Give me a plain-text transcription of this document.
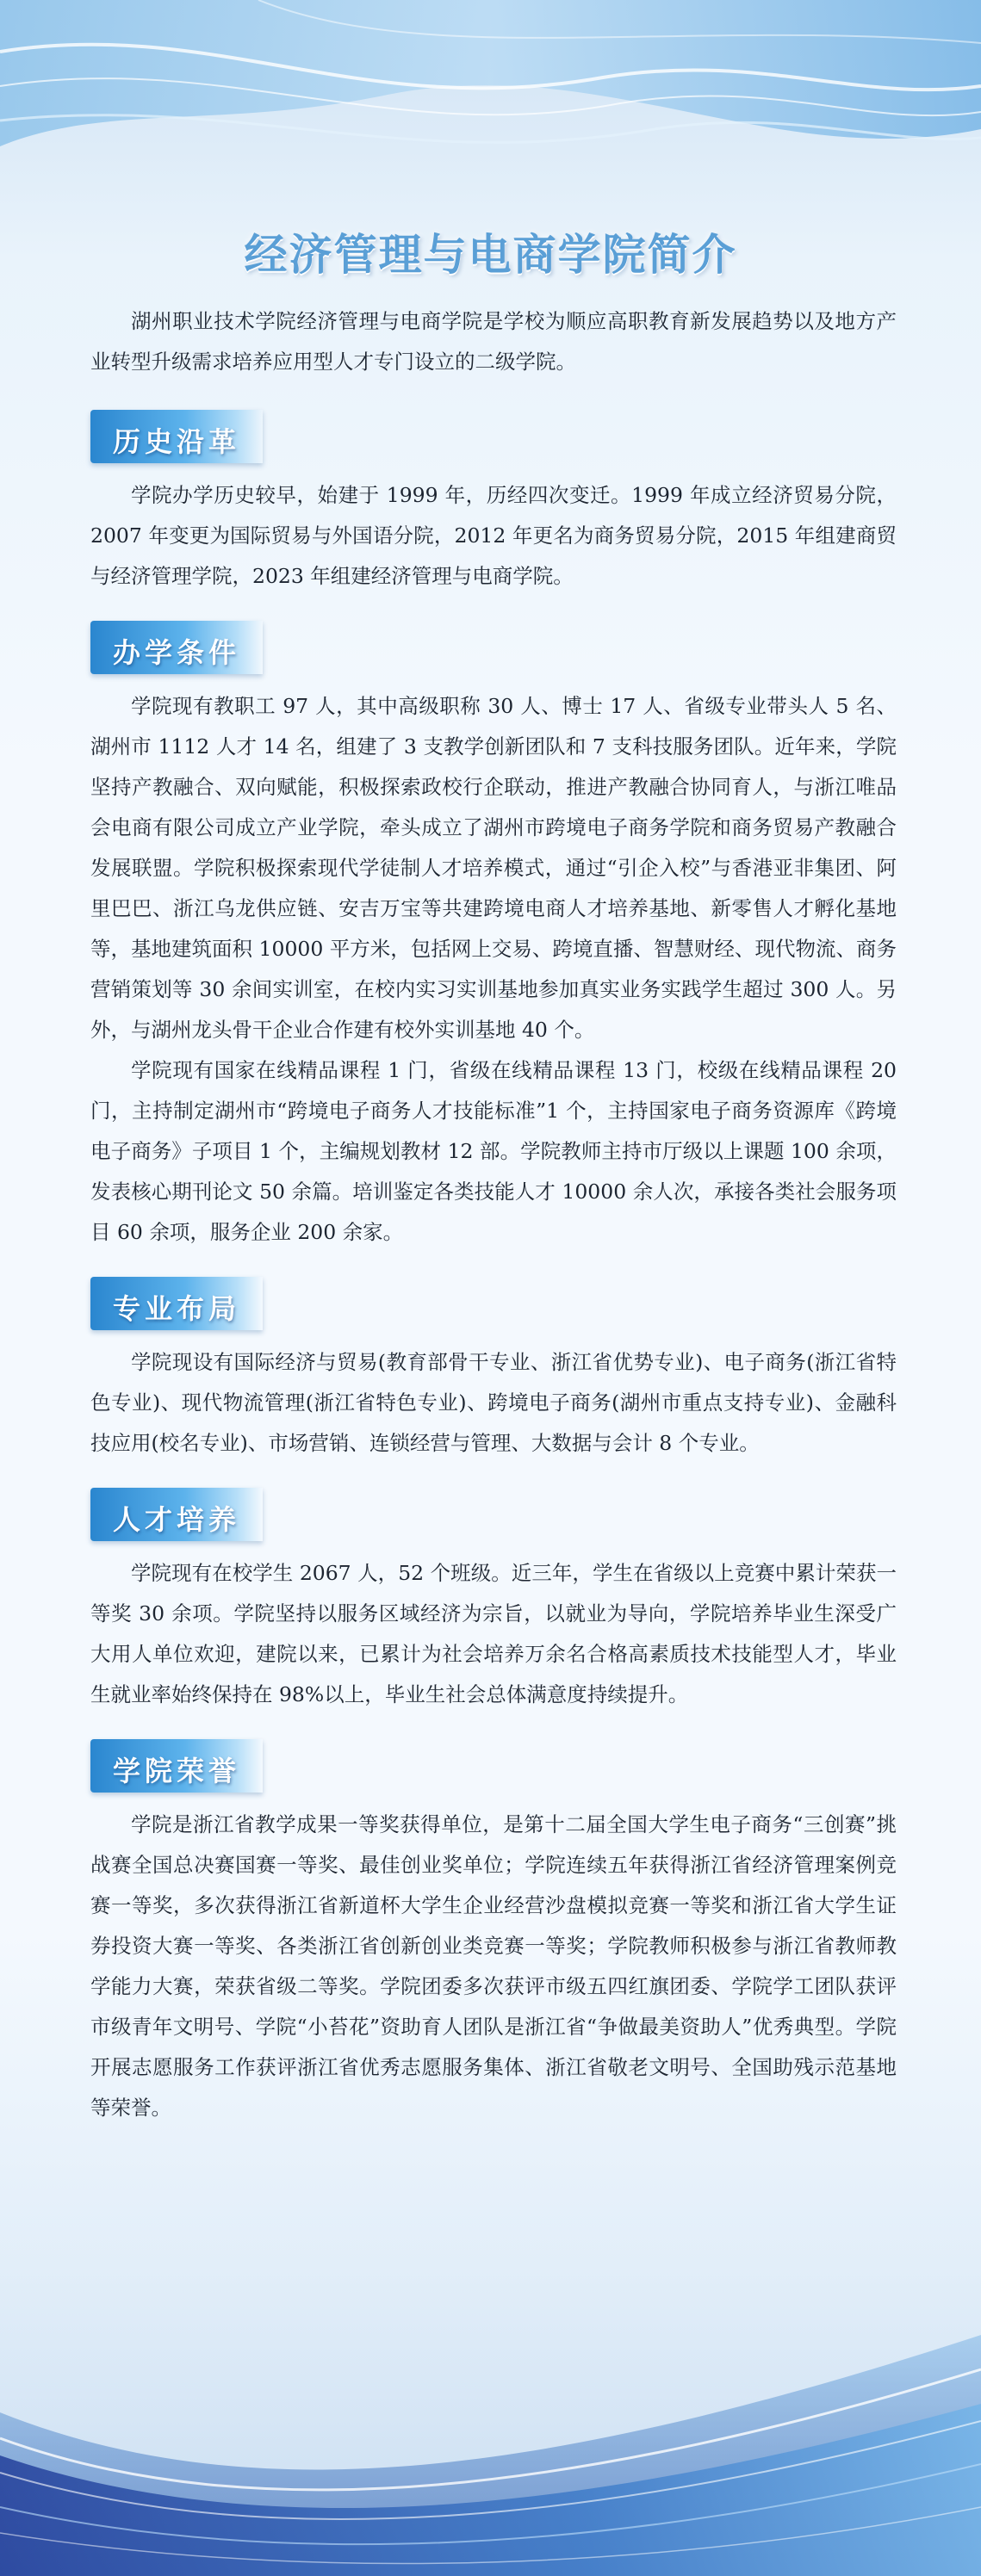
经济管理与电商学院简介

湖州职业技术学院经济管理与电商学院是学校为顺应高职教育新发展趋势以及地方产业转型升级需求培养应用型人才专门设立的二级学院。

历史沿革

学院办学历史较早，始建于 1999 年，历经四次变迁。1999 年成立经济贸易分院，2007 年变更为国际贸易与外国语分院，2012 年更名为商务贸易分院，2015 年组建商贸与经济管理学院，2023 年组建经济管理与电商学院。

办学条件

学院现有教职工 97 人，其中高级职称 30 人、博士 17 人、省级专业带头人 5 名、湖州市 1112 人才 14 名，组建了 3 支教学创新团队和 7 支科技服务团队。近年来，学院坚持产教融合、双向赋能，积极探索政校行企联动，推进产教融合协同育人，与浙江唯品会电商有限公司成立产业学院，牵头成立了湖州市跨境电子商务学院和商务贸易产教融合发展联盟。学院积极探索现代学徒制人才培养模式，通过“引企入校”与香港亚非集团、阿里巴巴、浙江乌龙供应链、安吉万宝等共建跨境电商人才培养基地、新零售人才孵化基地等，基地建筑面积 10000 平方米，包括网上交易、跨境直播、智慧财经、现代物流、商务营销策划等 30 余间实训室，在校内实习实训基地参加真实业务实践学生超过 300 人。另外，与湖州龙头骨干企业合作建有校外实训基地 40 个。

学院现有国家在线精品课程 1 门，省级在线精品课程 13 门，校级在线精品课程 20 门，主持制定湖州市“跨境电子商务人才技能标准”1 个，主持国家电子商务资源库《跨境电子商务》子项目 1 个，主编规划教材 12 部。学院教师主持市厅级以上课题 100 余项，发表核心期刊论文 50 余篇。培训鉴定各类技能人才 10000 余人次，承接各类社会服务项目 60 余项，服务企业 200 余家。

专业布局

学院现设有国际经济与贸易(教育部骨干专业、浙江省优势专业)、电子商务(浙江省特色专业)、现代物流管理(浙江省特色专业)、跨境电子商务(湖州市重点支持专业)、金融科技应用(校名专业)、市场营销、连锁经营与管理、大数据与会计 8 个专业。

人才培养

学院现有在校学生 2067 人，52 个班级。近三年，学生在省级以上竞赛中累计荣获一等奖 30 余项。学院坚持以服务区域经济为宗旨，以就业为导向，学院培养毕业生深受广大用人单位欢迎，建院以来，已累计为社会培养万余名合格高素质技术技能型人才，毕业生就业率始终保持在 98%以上，毕业生社会总体满意度持续提升。

学院荣誉

学院是浙江省教学成果一等奖获得单位，是第十二届全国大学生电子商务“三创赛”挑战赛全国总决赛国赛一等奖、最佳创业奖单位；学院连续五年获得浙江省经济管理案例竞赛一等奖，多次获得浙江省新道杯大学生企业经营沙盘模拟竞赛一等奖和浙江省大学生证券投资大赛一等奖、各类浙江省创新创业类竞赛一等奖；学院教师积极参与浙江省教师教学能力大赛，荣获省级二等奖。学院团委多次获评市级五四红旗团委、学院学工团队获评市级青年文明号、学院“小苔花”资助育人团队是浙江省“争做最美资助人”优秀典型。学院开展志愿服务工作获评浙江省优秀志愿服务集体、浙江省敬老文明号、全国助残示范基地等荣誉。
